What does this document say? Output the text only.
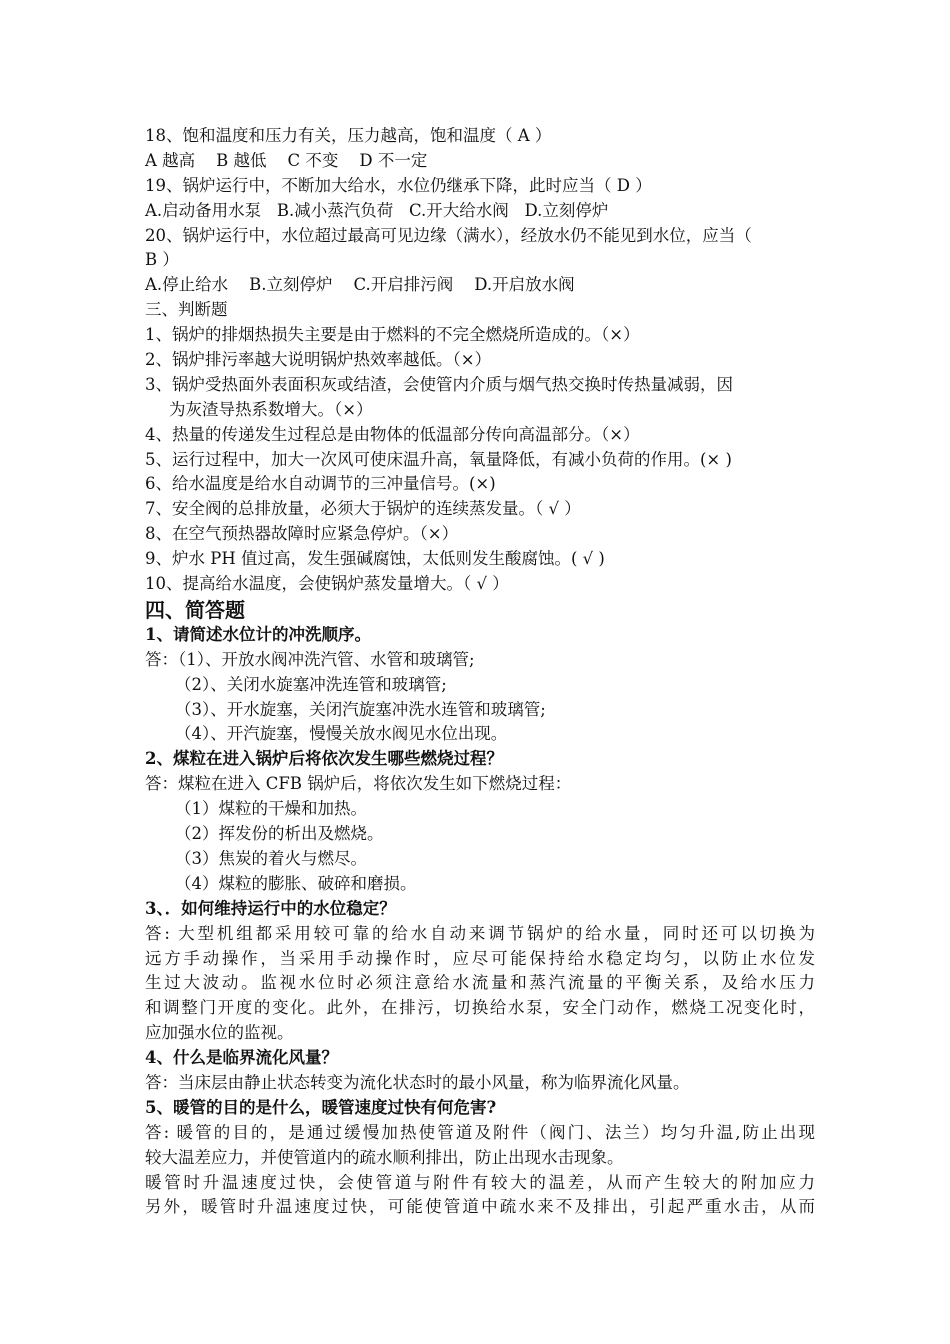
18、饱和温度和压力有关，压力越高，饱和温度（ A ）
A 越高    B 越低    C 不变    D 不一定
19、锅炉运行中，不断加大给水，水位仍继承下降，此时应当（ D ）
A.启动备用水泵   B.减小蒸汽负荷   C.开大给水阀   D.立刻停炉
20、锅炉运行中，水位超过最高可见边缘（满水），经放水仍不能见到水位，应当（
B ）
A.停止给水    B.立刻停炉    C.开启排污阀    D.开启放水阀
三、判断题
1、锅炉的排烟热损失主要是由于燃料的不完全燃烧所造成的。（×）
2、锅炉排污率越大说明锅炉热效率越低。（×）
3、锅炉受热面外表面积灰或结渣，会使管内介质与烟气热交换时传热量减弱，因
为灰渣导热系数增大。（×）
4、热量的传递发生过程总是由物体的低温部分传向高温部分。（×）
5、运行过程中，加大一次风可使床温升高，氧量降低，有减小负荷的作用。(× )
6、给水温度是给水自动调节的三冲量信号。(×)
7、安全阀的总排放量，必须大于锅炉的连续蒸发量。（ √ ）
8、在空气预热器故障时应紧急停炉。（×）
9、炉水 PH 值过高，发生强碱腐蚀，太低则发生酸腐蚀。( √ )
10、提高给水温度，会使锅炉蒸发量增大。（ √ ）
四、简答题
1、请简述水位计的冲洗顺序。
答：（1）、开放水阀冲洗汽管、水管和玻璃管;
（2）、关闭水旋塞冲洗连管和玻璃管;
（3）、开水旋塞，关闭汽旋塞冲洗水连管和玻璃管;
（4）、开汽旋塞，慢慢关放水阀见水位出现。
2、煤粒在进入锅炉后将依次发生哪些燃烧过程？
答：煤粒在进入 CFB 锅炉后，将依次发生如下燃烧过程：
（1）煤粒的干燥和加热。
（2）挥发份的析出及燃烧。
（3）焦炭的着火与燃尽。
（4）煤粒的膨胀、破碎和磨损。
3、．如何维持运行中的水位稳定？
答: 大型机组都采用较可靠的给水自动来调节锅炉的给水量，同时还可以切换为
远方手动操作，当采用手动操作时，应尽可能保持给水稳定均匀，以防止水位发
生过大波动。监视水位时必须注意给水流量和蒸汽流量的平衡关系，及给水压力
和调整门开度的变化。此外，在排污，切换给水泵，安全门动作，燃烧工况变化时，
应加强水位的监视。
4、什么是临界流化风量？
答：当床层由静止状态转变为流化状态时的最小风量，称为临界流化风量。
5、暖管的目的是什么，暖管速度过快有何危害?
答: 暖管的目的，是通过缓慢加热使管道及附件（阀门、法兰）均匀升温,防止出现
较大温差应力，并使管道内的疏水顺利排出，防止出现水击现象。
暖管时升温速度过快，会使管道与附件有较大的温差，从而产生较大的附加应力
另外，暖管时升温速度过快，可能使管道中疏水来不及排出，引起严重水击，从而
